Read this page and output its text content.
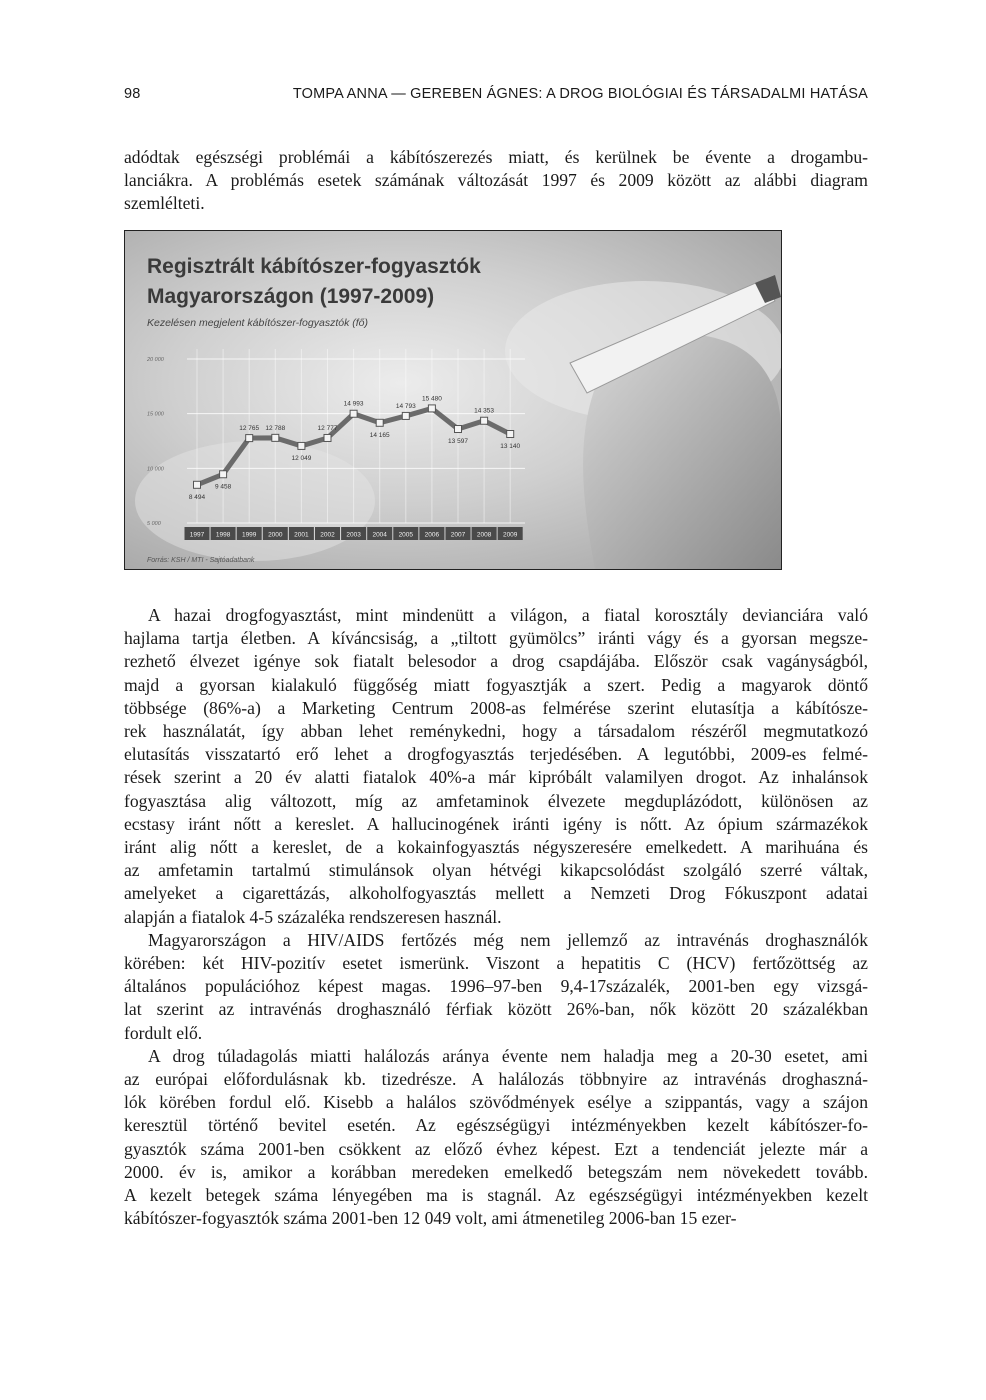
98	TOMPA ANNA — GEREBEN ÁGNES: A DROG BIOLÓGIAI ÉS TÁRSADALMI HATÁSA
adódtak egészségi problémái a kábítószerezés miatt, és kerülnek be évente a drogambu-
lanciákra. A problémás esetek számának változását 1997 és 2009 között az alábbi diagram
szemlélteti.
20 000
15 000
10 000
5 000
8 494
9 458
12 765 12 788
12 049
12 777
14 993
14 165
14 793
15 480
13 597
14 353
13 140
1997 1998 1999 2000 2001 2002 2003 2004 2005 2006 2007 2008 2009
Regisztrált kábítószer-fogyasztók
Magyarországon (1997-2009)
Kezelésen megjelent kábítószer-fogyasztók (fő)
Forrás: KSH / MTI - Sajtóadatbank
A hazai drogfogyasztást, mint mindenütt a világon, a fiatal korosztály devianciára való
hajlama tartja életben. A kíváncsiság, a „tiltott gyümölcs” iránti vágy és a gyorsan megsze-
rezhető élvezet igénye sok fiatalt belesodor a drog csapdájába. Először csak vagányságból,
majd a gyorsan kialakuló függőség miatt fogyasztják a szert. Pedig a magyarok döntő
többsége (86%-a) a Marketing Centrum 2008-as felmérése szerint elutasítja a kábítósze-
rek használatát, így abban lehet reménykedni, hogy a társadalom részéről megmutatkozó
elutasítás visszatartó erő lehet a drogfogyasztás terjedésében. A legutóbbi, 2009-es felmé-
rések szerint a 20 év alatti fiatalok 40%-a már kipróbált valamilyen drogot. Az inhalánsok
fogyasztása alig változott, míg az amfetaminok élvezete megduplázódott, különösen az
ecstasy iránt nőtt a kereslet. A hallucinogének iránti igény is nőtt. Az ópium származékok
iránt alig nőtt a kereslet, de a kokainfogyasztás négyszeresére emelkedett. A marihuána és
az amfetamin tartalmú stimulánsok olyan hétvégi kikapcsolódást szolgáló szerré váltak,
amelyeket a cigarettázás, alkoholfogyasztás mellett a Nemzeti Drog Fókuszpont adatai
alapján a fiatalok 4-5 százaléka rendszeresen használ.
Magyarországon a HIV/AIDS fertőzés még nem jellemző az intravénás droghasználók
körében: két HIV-pozitív esetet ismerünk. Viszont a hepatitis C (HCV) fertőzöttség az
általános populációhoz képest magas. 1996–97-ben 9,4-17százalék, 2001-ben egy vizsgá-
lat szerint az intravénás droghasználó férfiak között 26%-ban, nők között 20 százalékban
fordult elő.
A drog túladagolás miatti halálozás aránya évente nem haladja meg a 20-30 esetet, ami
az európai előfordulásnak kb. tizedrésze. A halálozás többnyire az intravénás droghaszná-
lók körében fordul elő. Kisebb a halálos szövődmények esélye a szippantás, vagy a szájon
keresztül történő bevitel esetén. Az egészségügyi intézményekben kezelt kábítószer-fo-
gyasztók száma 2001-ben csökkent az előző évhez képest. Ezt a tendenciát jelezte már a
2000. év is, amikor a korábban meredeken emelkedő betegszám nem növekedett tovább.
A kezelt betegek száma lényegében ma is stagnál. Az egészségügyi intézményekben kezelt
kábítószer-fogyasztók száma 2001-ben 12 049 volt, ami átmenetileg 2006-ban 15 ezer-
